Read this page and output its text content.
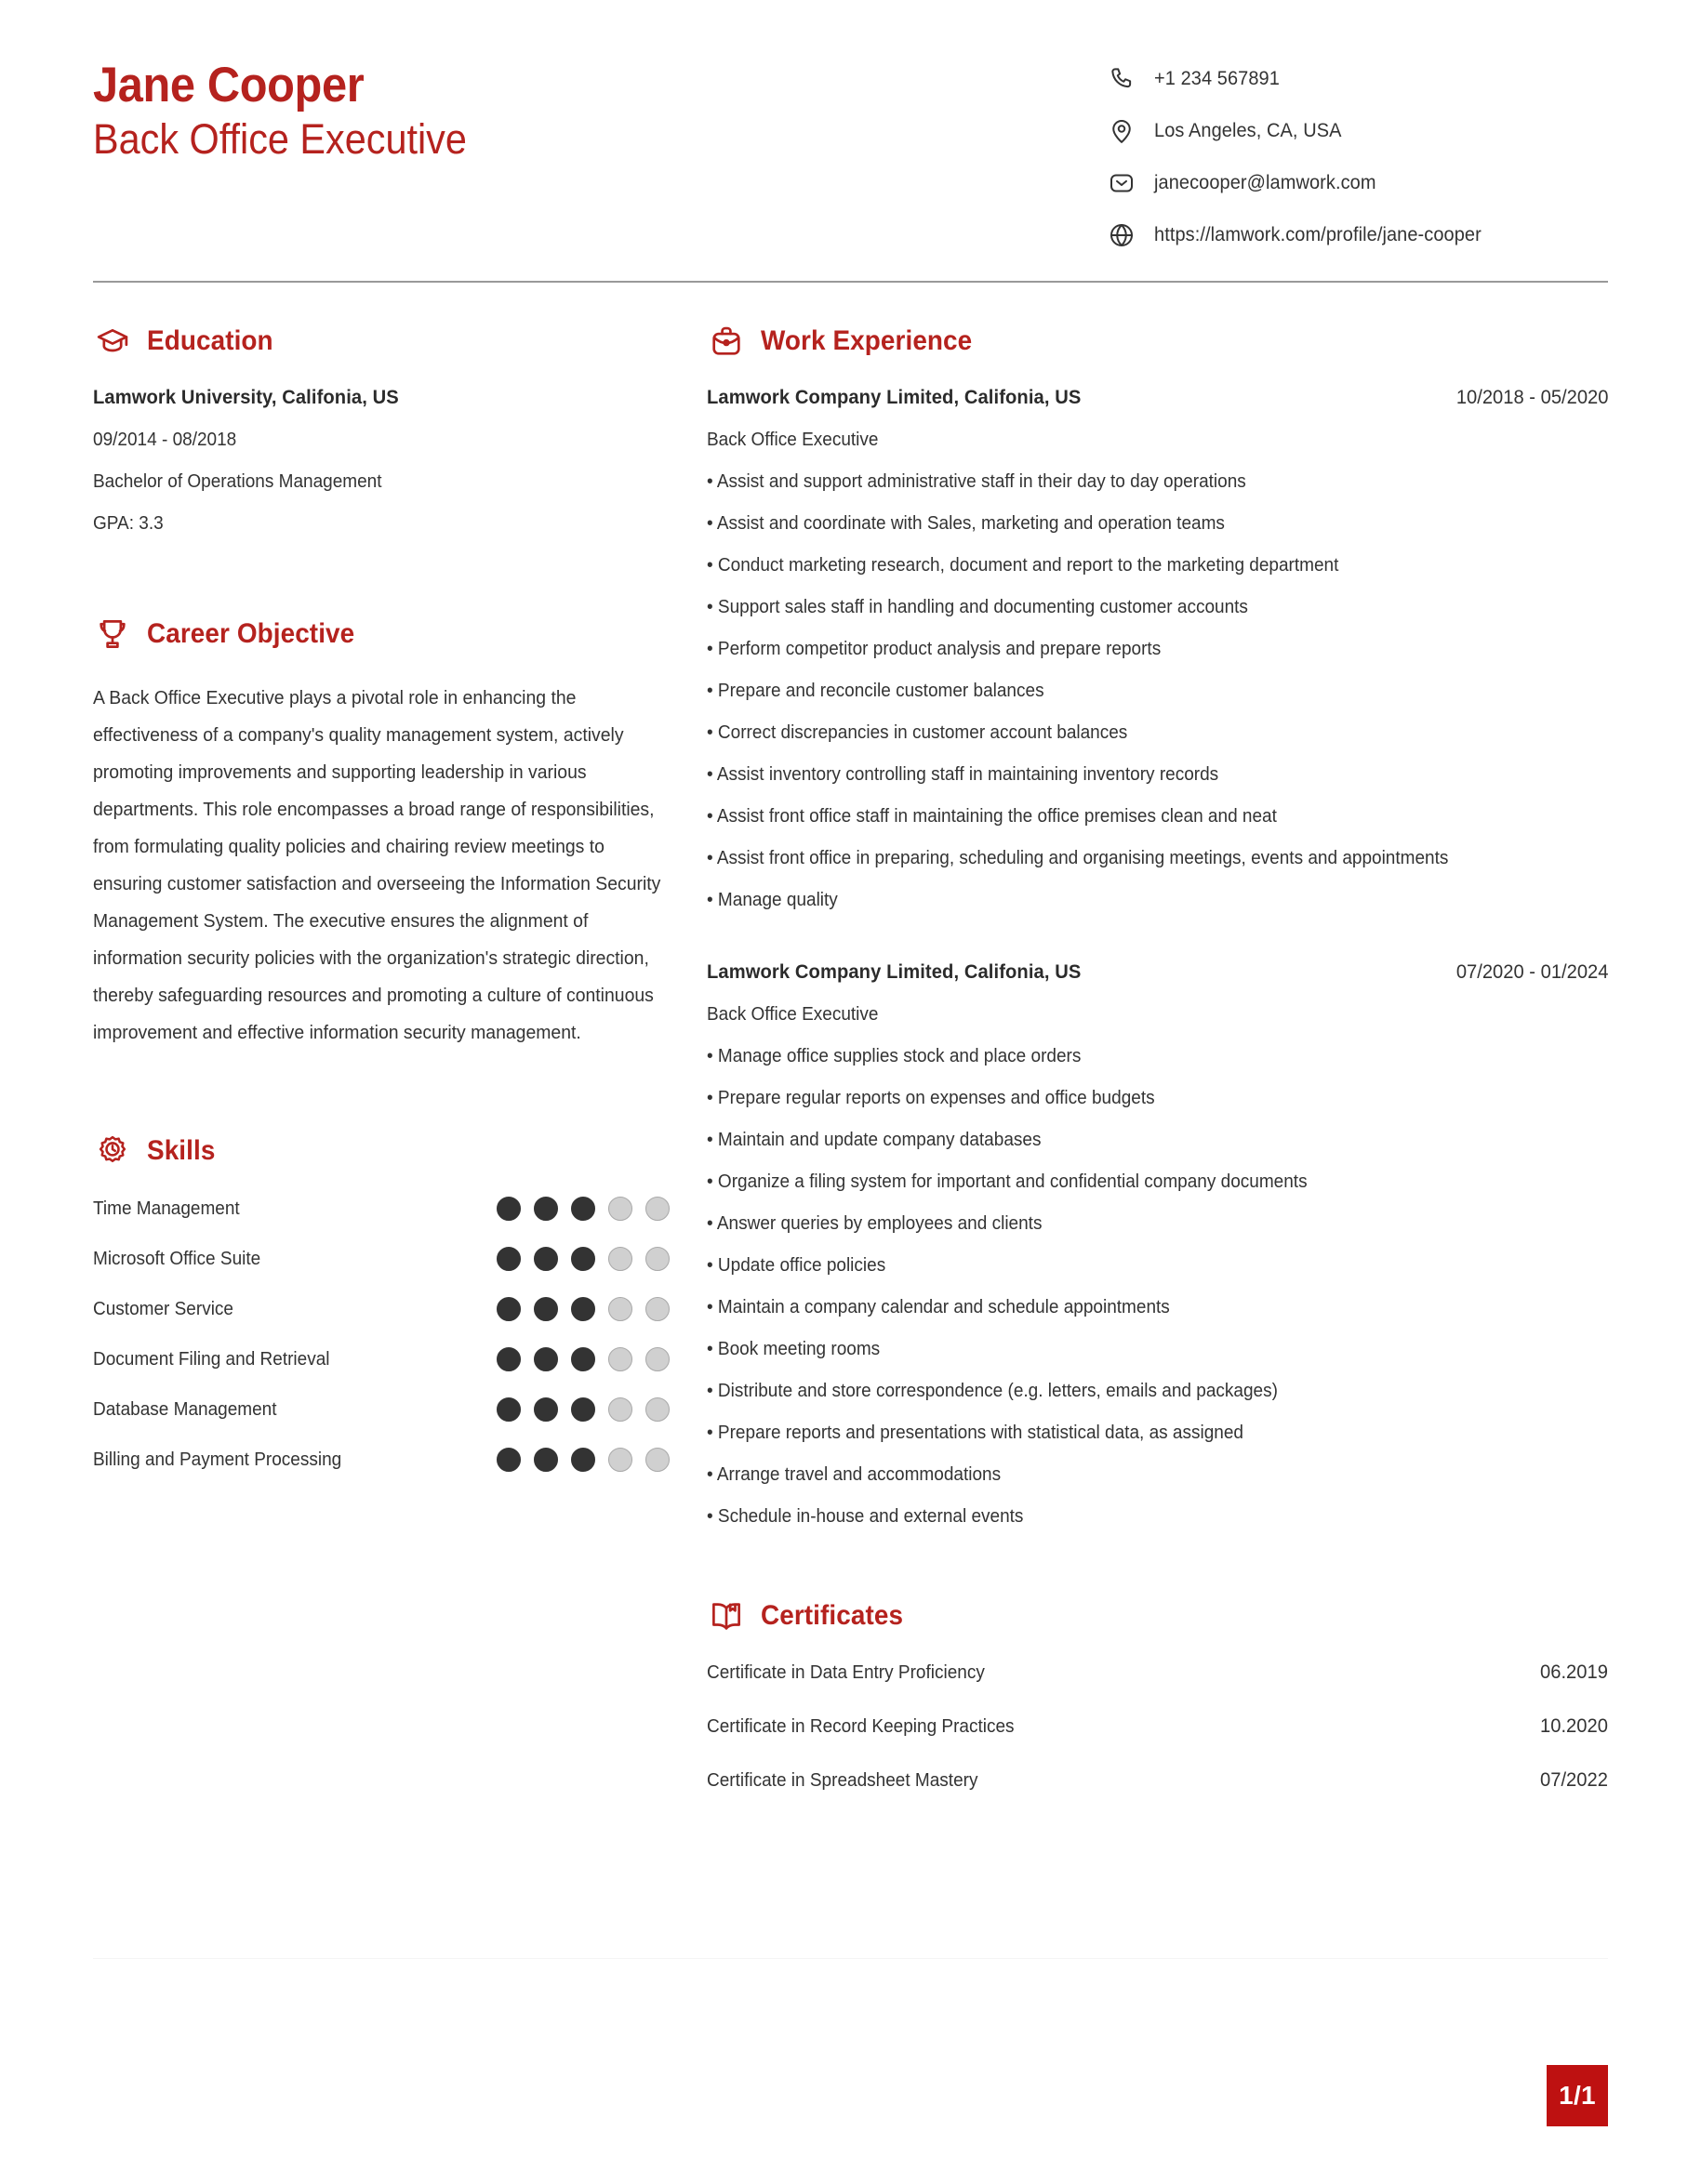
Jane Cooper
Back Office Executive
+1 234 567891
Los Angeles, CA, USA
janecooper@lamwork.com
https://lamwork.com/profile/jane-cooper
Education
Lamwork University, Califonia, US
09/2014 - 08/2018
Bachelor of Operations Management
GPA: 3.3
Career Objective
A Back Office Executive plays a pivotal role in enhancing the effectiveness of a company's quality management system, actively promoting improvements and supporting leadership in various departments. This role encompasses a broad range of responsibilities, from formulating quality policies and chairing review meetings to ensuring customer satisfaction and overseeing the Information Security Management System. The executive ensures the alignment of information security policies with the organization's strategic direction, thereby safeguarding resources and promoting a culture of continuous improvement and effective information security management.
Skills
Time Management
Microsoft Office Suite
Customer Service
Document Filing and Retrieval
Database Management
Billing and Payment Processing
Work Experience
Lamwork Company Limited, Califonia, US	10/2018 - 05/2020
Back Office Executive
• Assist and support administrative staff in their day to day operations
• Assist and coordinate with Sales, marketing and operation teams
• Conduct marketing research, document and report to the marketing department
• Support sales staff in handling and documenting customer accounts
• Perform competitor product analysis and prepare reports
• Prepare and reconcile customer balances
• Correct discrepancies in customer account balances
• Assist inventory controlling staff in maintaining inventory records
• Assist front office staff in maintaining the office premises clean and neat
• Assist front office in preparing, scheduling and organising meetings, events and appointments
• Manage quality
Lamwork Company Limited, Califonia, US	07/2020 - 01/2024
Back Office Executive
• Manage office supplies stock and place orders
• Prepare regular reports on expenses and office budgets
• Maintain and update company databases
• Organize a filing system for important and confidential company documents
• Answer queries by employees and clients
• Update office policies
• Maintain a company calendar and schedule appointments
• Book meeting rooms
• Distribute and store correspondence (e.g. letters, emails and packages)
• Prepare reports and presentations with statistical data, as assigned
• Arrange travel and accommodations
• Schedule in-house and external events
Certificates
Certificate in Data Entry Proficiency	06.2019
Certificate in Record Keeping Practices	10.2020
Certificate in Spreadsheet Mastery	07/2022
1/1
